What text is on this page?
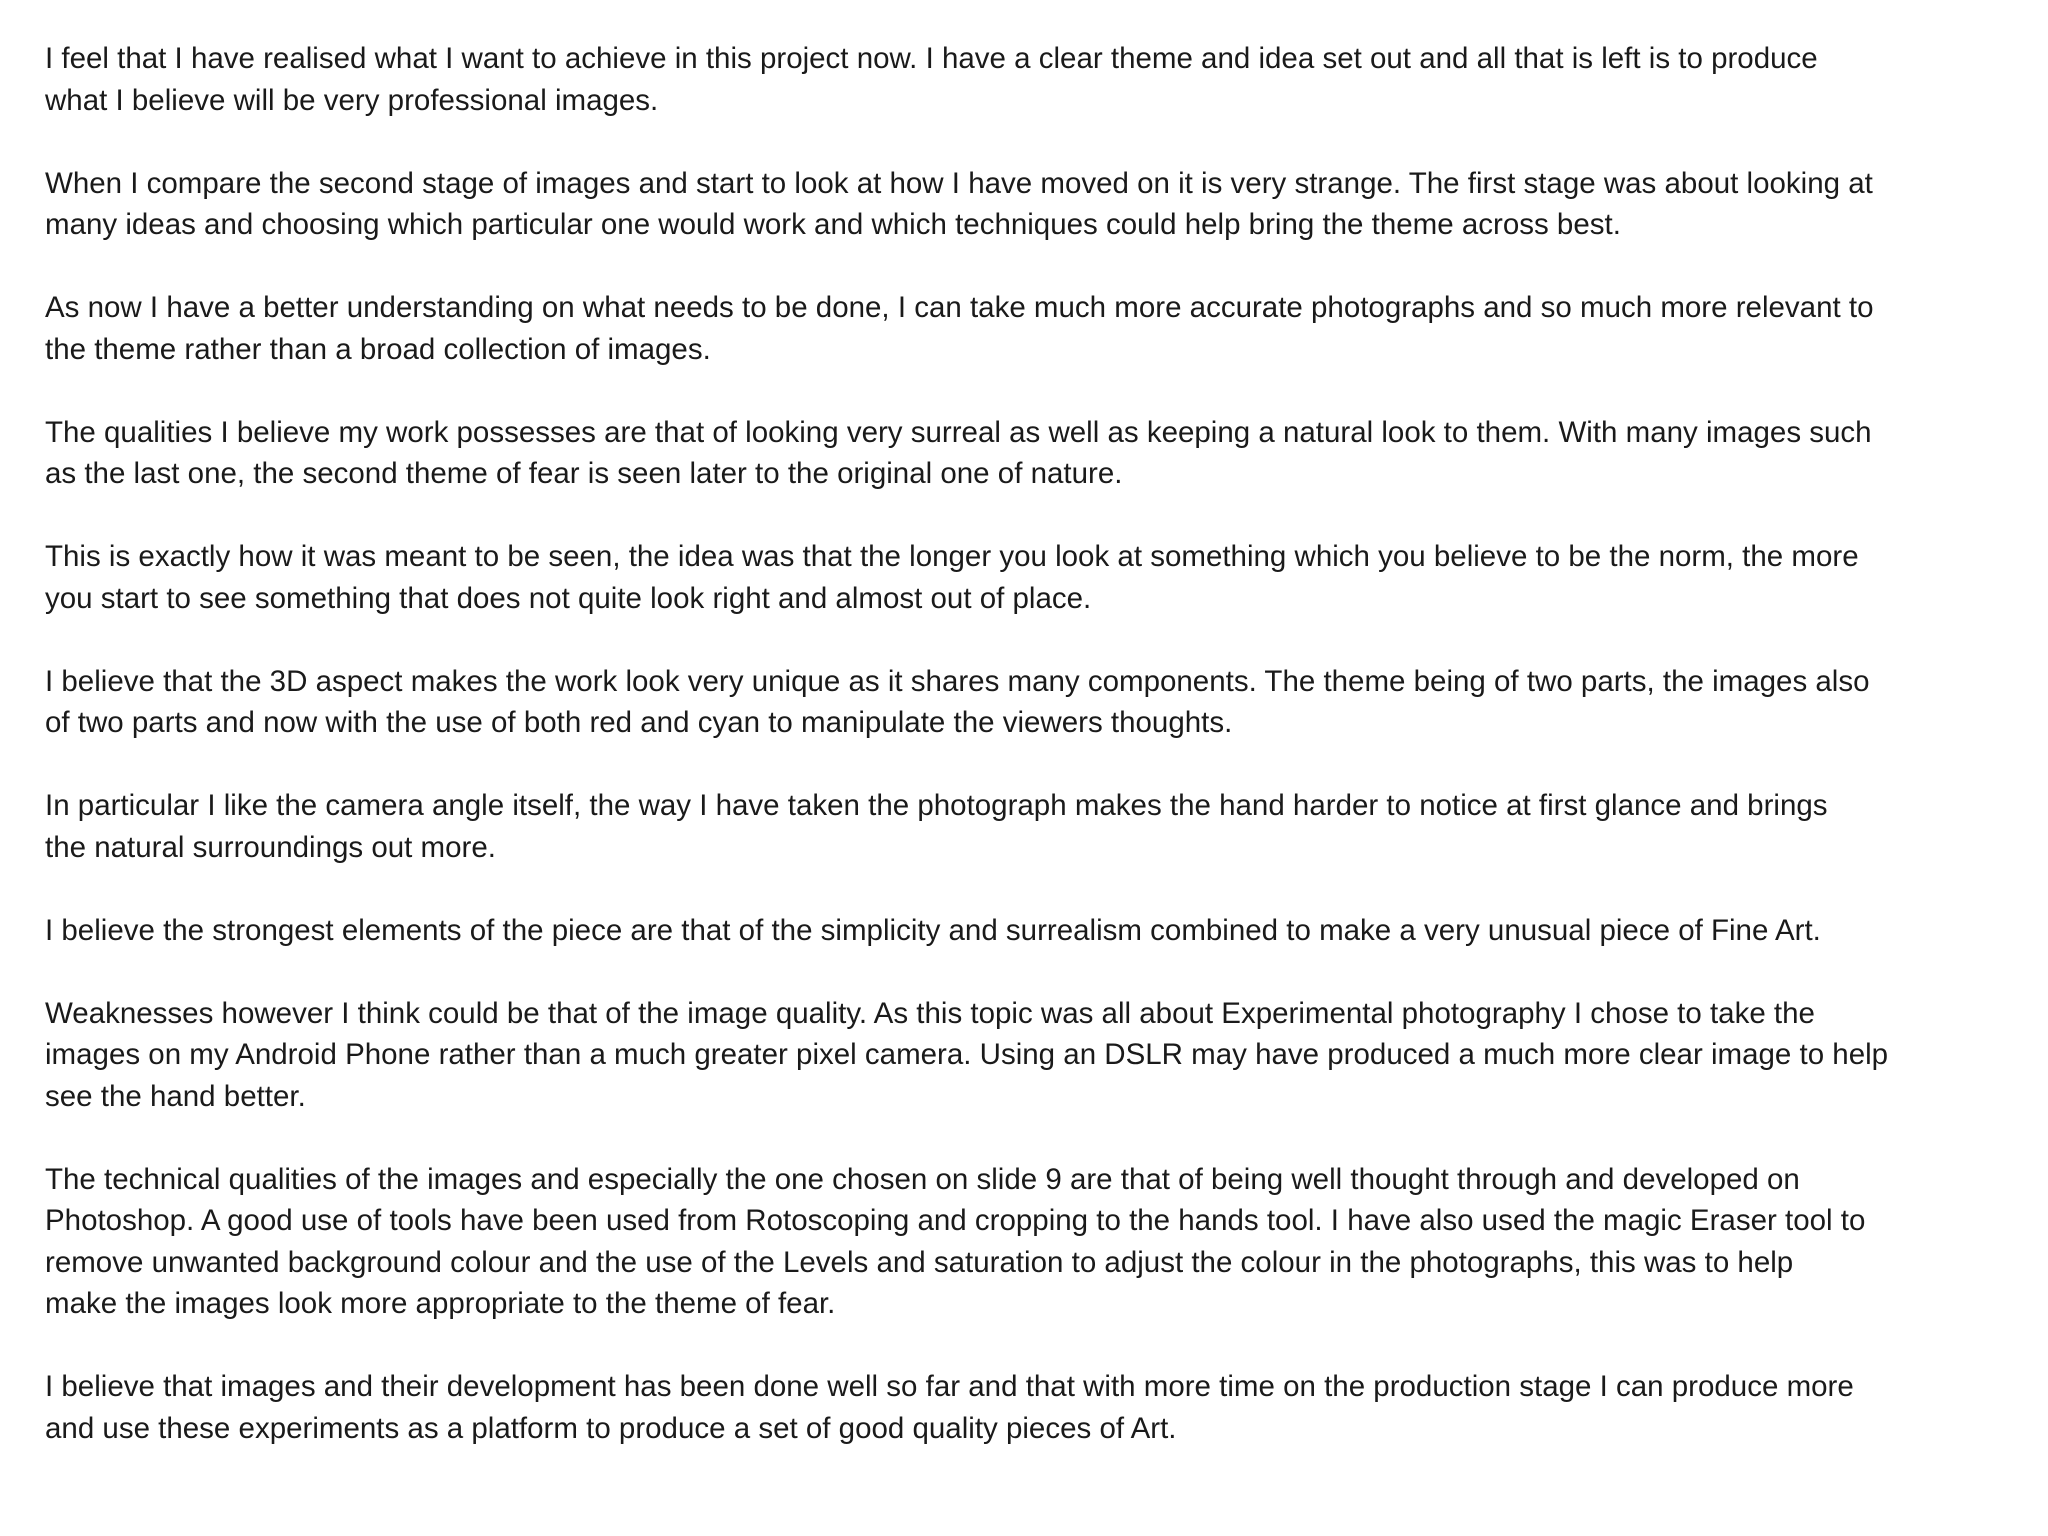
I feel that I have realised what I want to achieve in this project now. I have a clear theme and idea set out and all that is left is to produce
what I believe will be very professional images.

When I compare the second stage of images and start to look at how I have moved on it is very strange. The first stage was about looking at
many ideas and choosing which particular one would work and which techniques could help bring the theme across best.

As now I have a better understanding on what needs to be done, I can take much more accurate photographs and so much more relevant to
the theme rather than a broad collection of images.

The qualities I believe my work possesses are that of looking very surreal as well as keeping a natural look to them. With many images such
as the last one, the second theme of fear is seen later to the original one of nature.

This is exactly how it was meant to be seen, the idea was that the longer you look at something which you believe to be the norm, the more
you start to see something that does not quite look right and almost out of place.

I believe that the 3D aspect makes the work look very unique as it shares many components. The theme being of two parts, the images also
of two parts and now with the use of both red and cyan to manipulate the viewers thoughts.

In particular I like the camera angle itself, the way I have taken the photograph makes the hand harder to notice at first glance and brings
the natural surroundings out more.

I believe the strongest elements of the piece are that of the simplicity and surrealism combined to make a very unusual piece of Fine Art.

Weaknesses however I think could be that of the image quality. As this topic was all about Experimental photography I chose to take the
images on my Android Phone rather than a much greater pixel camera. Using an DSLR may have produced a much more clear image to help
see the hand better.

The technical qualities of the images and especially the one chosen on slide 9 are that of being well thought through and developed on
Photoshop. A good use of tools have been used from Rotoscoping and cropping to the hands tool. I have also used the magic Eraser tool to
remove unwanted background colour and the use of the Levels and saturation to adjust the colour in the photographs, this was to help
make the images look more appropriate to the theme of fear.

I believe that images and their development has been done well so far and that with more time on the production stage I can produce more
and use these experiments as a platform to produce a set of good quality pieces of Art.
